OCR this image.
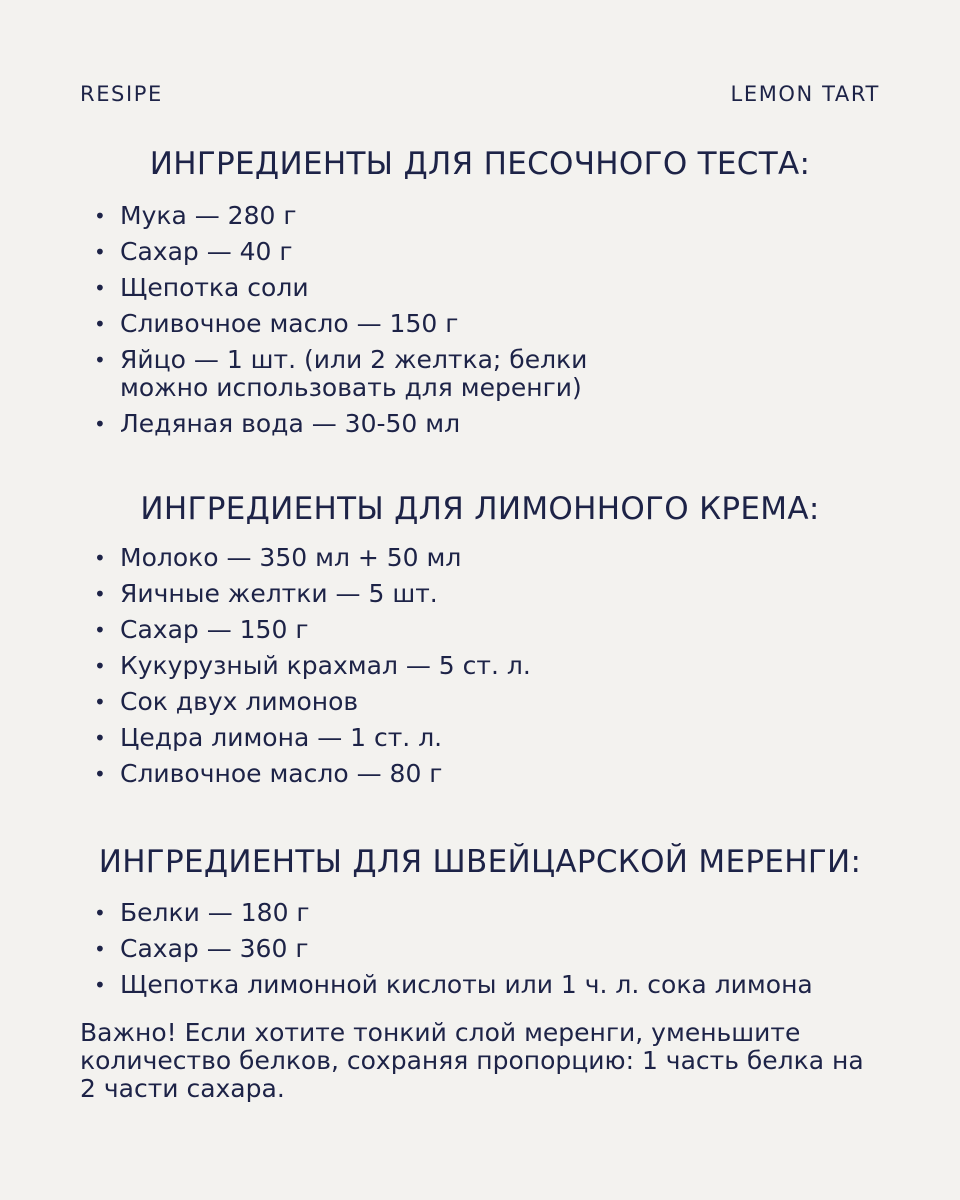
RESIPE	LEMON TART
ИНГРЕДИЕНТЫ ДЛЯ ПЕСОЧНОГО ТЕСТА:
• Мука — 280 г
• Сахар — 40 г
• Щепотка соли
• Сливочное масло — 150 г
• Яйцо — 1 шт. (или 2 желтка; белки можно использовать для меренги)
• Ледяная вода — 30-50 мл
ИНГРЕДИЕНТЫ ДЛЯ ЛИМОННОГО КРЕМА:
• Молоко — 350 мл + 50 мл
• Яичные желтки — 5 шт.
• Сахар — 150 г
• Кукурузный крахмал — 5 ст. л.
• Сок двух лимонов
• Цедра лимона — 1 ст. л.
• Сливочное масло — 80 г
ИНГРЕДИЕНТЫ ДЛЯ ШВЕЙЦАРСКОЙ МЕРЕНГИ:
• Белки — 180 г
• Сахар — 360 г
• Щепотка лимонной кислоты или 1 ч. л. сока лимона

Важно! Если хотите тонкий слой меренги, уменьшите количество белков, сохраняя пропорцию: 1 часть белка на 2 части сахара.
